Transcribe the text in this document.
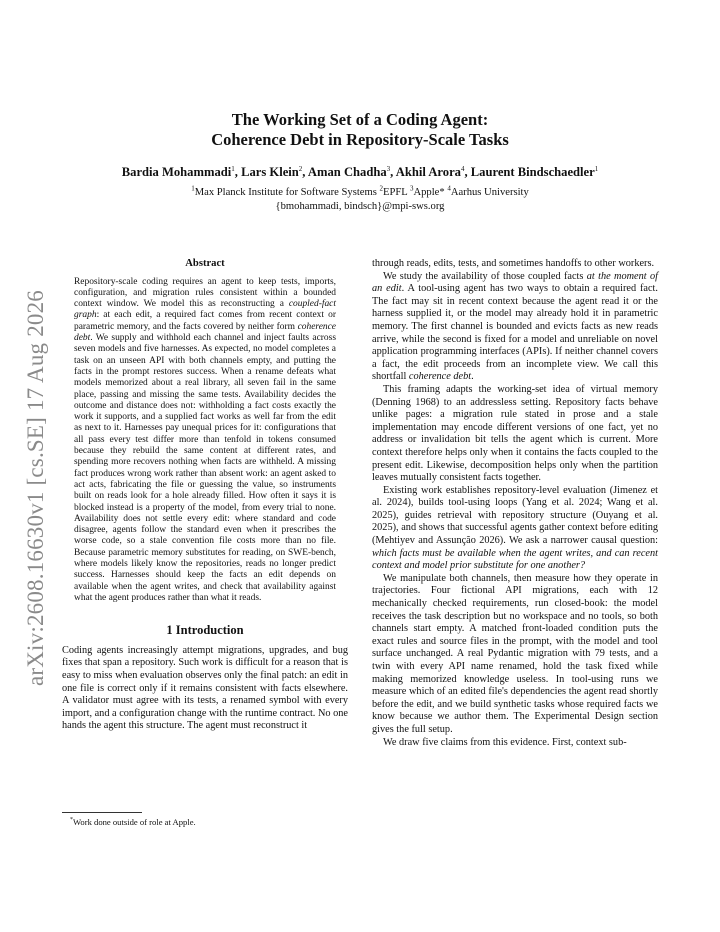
arXiv:2608.16630v1 [cs.SE] 17 Aug 2026
The Working Set of a Coding Agent:
Coherence Debt in Repository-Scale Tasks
Bardia Mohammadi$^1$, Lars Klein$^2$, Aman Chadha$^3$, Akhil Arora$^4$, Laurent Bindschaedler$^1$
$^1$Max Planck Institute for Software Systems $^2$EPFL $^3$Apple* $^4$Aarhus University
{bmohammadi, bindsch}@mpi-sws.org
Abstract

Repository-scale coding requires an agent to keep tests, imports, configuration, and migration rules consistent within a bounded context window. We model this as reconstructing a coupled-fact graph: at each edit, a required fact comes from recent context or parametric memory, and the facts covered by neither form coherence debt. We supply and withhold each channel and inject faults across seven models and five harnesses. As expected, no model completes a task on an unseen API with both channels empty, and putting the facts in the prompt restores success. When a rename defeats what models memorized about a real library, all seven fail in the same place, passing and missing the same tests. Availability decides the outcome and distance does not: withholding a fact costs exactly the work it supports, and a supplied fact works as well far from the edit as next to it. Harnesses pay unequal prices for it: configurations that all pass every test differ more than tenfold in tokens consumed because they rebuild the same content at different rates, and spending more recovers nothing when facts are withheld. A missing fact produces wrong work rather than absent work: an agent asked to act acts, fabricating the file or guessing the value, so instruments built on reads look for a hole already filled. How often it says it is blocked instead is a property of the model, from every trial to none. Availability does not settle every edit: where standard and code disagree, agents follow the standard even when it prescribes the worse code, so a stale convention file costs more than no file. Because parametric memory substitutes for reading, on SWE-bench, where models likely know the repositories, reads no longer predict success. Harnesses should keep the facts an edit depends on available when the agent writes, and check that availability against what the agent produces rather than what it reads.

1 Introduction

Coding agents increasingly attempt migrations, upgrades, and bug fixes that span a repository. Such work is difficult for a reason that is easy to miss when evaluation observes only the final patch: an edit in one file is correct only if it remains consistent with facts elsewhere. A validator must agree with its tests, a renamed symbol with every import, and a configuration change with the runtime contract. No one hands the agent this structure. The agent must reconstruct it

through reads, edits, tests, and sometimes handoffs to other workers.

We study the availability of those coupled facts at the moment of an edit. A tool-using agent has two ways to obtain a required fact. The fact may sit in recent context because the agent read it or the harness supplied it, or the model may already hold it in parametric memory. The first channel is bounded and evicts facts as new reads arrive, while the second is fixed for a model and unreliable on novel application programming interfaces (APIs). If neither channel covers a fact, the edit proceeds from an incomplete view. We call this shortfall coherence debt.

This framing adapts the working-set idea of virtual memory (Denning 1968) to an addressless setting. Repository facts behave unlike pages: a migration rule stated in prose and a stale implementation may encode different versions of one fact, yet no address or invalidation bit tells the agent which is current. More context therefore helps only when it contains the facts coupled to the present edit. Likewise, decomposition helps only when the partition leaves mutually consistent facts together.

Existing work establishes repository-level evaluation (Jimenez et al. 2024), builds tool-using loops (Yang et al. 2024; Wang et al. 2025), guides retrieval with repository structure (Ouyang et al. 2025), and shows that successful agents gather context before editing (Mehtiyev and Assunção 2026). We ask a narrower causal question: which facts must be available when the agent writes, and can recent context and model prior substitute for one another?

We manipulate both channels, then measure how they operate in trajectories. Four fictional API migrations, each with 12 mechanically checked requirements, run closed-book: the model receives the task description but no workspace and no tools, so both channels start empty. A matched front-loaded condition puts the exact rules and source files in the prompt, with the model and tool surface unchanged. A real Pydantic migration with 79 tests, and a twin with every API name renamed, hold the task fixed while making memorized knowledge useless. In tool-using runs we measure which of an edited file's dependencies the agent read shortly before the edit, and we build synthetic tasks whose required facts we know because we author them. The Experimental Design section gives the full setup.

We draw five claims from this evidence. First, context sub-

*Work done outside of role at Apple.
